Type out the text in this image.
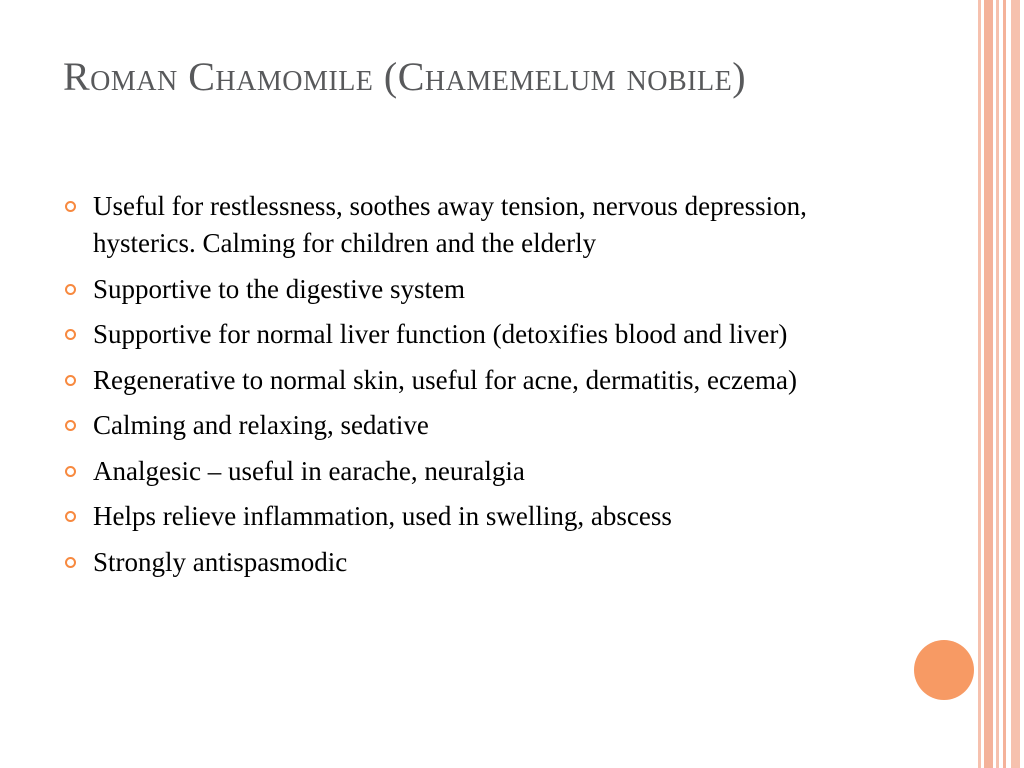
Roman Chamomile (Chamemelum nobile)
Useful for restlessness, soothes away tension, nervous depression, hysterics. Calming for children and the elderly
Supportive to the digestive system
Supportive for normal liver function (detoxifies blood and liver)
Regenerative to normal skin, useful for acne, dermatitis, eczema)
Calming and relaxing, sedative
Analgesic – useful in earache, neuralgia
Helps relieve inflammation, used in swelling, abscess
Strongly antispasmodic
